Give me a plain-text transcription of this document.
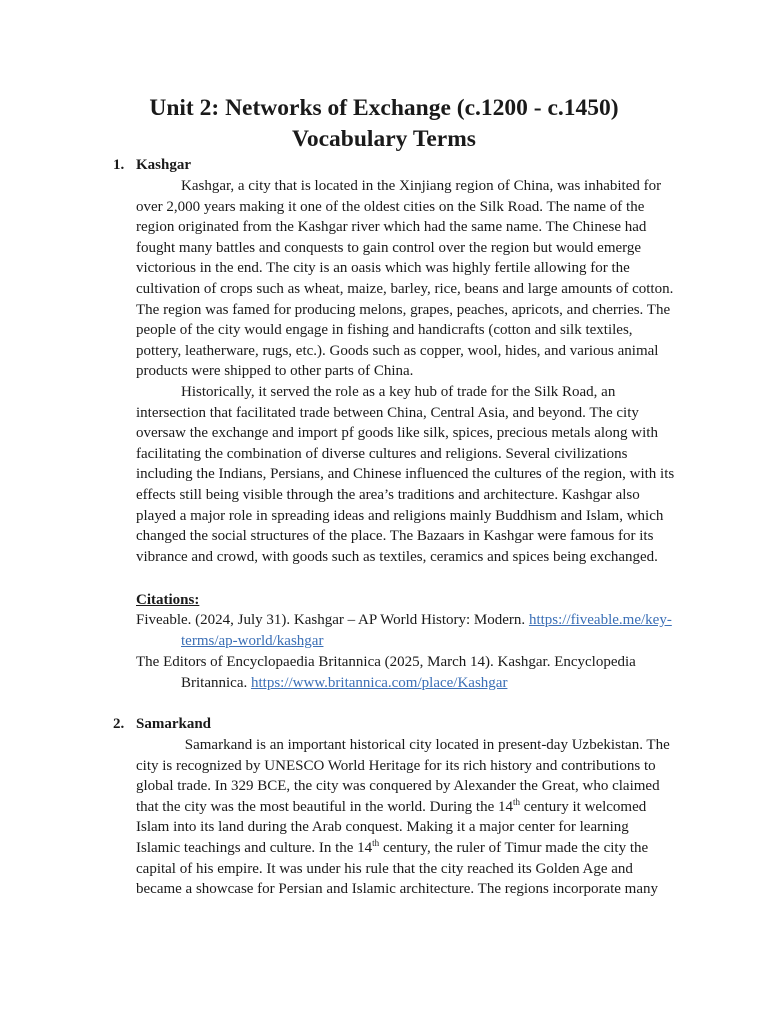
Unit 2: Networks of Exchange (c.1200 - c.1450)
Vocabulary Terms
1. Kashgar
Kashgar, a city that is located in the Xinjiang region of China, was inhabited for
over 2,000 years making it one of the oldest cities on the Silk Road. The name of the
region originated from the Kashgar river which had the same name. The Chinese had
fought many battles and conquests to gain control over the region but would emerge
victorious in the end. The city is an oasis which was highly fertile allowing for the
cultivation of crops such as wheat, maize, barley, rice, beans and large amounts of cotton.
The region was famed for producing melons, grapes, peaches, apricots, and cherries. The
people of the city would engage in fishing and handicrafts (cotton and silk textiles,
pottery, leatherware, rugs, etc.). Goods such as copper, wool, hides, and various animal
products were shipped to other parts of China.
Historically, it served the role as a key hub of trade for the Silk Road, an
intersection that facilitated trade between China, Central Asia, and beyond. The city
oversaw the exchange and import pf goods like silk, spices, precious metals along with
facilitating the combination of diverse cultures and religions. Several civilizations
including the Indians, Persians, and Chinese influenced the cultures of the region, with its
effects still being visible through the area’s traditions and architecture. Kashgar also
played a major role in spreading ideas and religions mainly Buddhism and Islam, which
changed the social structures of the place. The Bazaars in Kashgar were famous for its
vibrance and crowd, with goods such as textiles, ceramics and spices being exchanged.
Citations:
Fiveable. (2024, July 31). Kashgar – AP World History: Modern. https://fiveable.me/key-
terms/ap-world/kashgar
The Editors of Encyclopaedia Britannica (2025, March 14). Kashgar. Encyclopedia
Britannica. https://www.britannica.com/place/Kashgar
2. Samarkand
Samarkand is an important historical city located in present-day Uzbekistan. The
city is recognized by UNESCO World Heritage for its rich history and contributions to
global trade. In 329 BCE, the city was conquered by Alexander the Great, who claimed
that the city was the most beautiful in the world. During the 14th century it welcomed
Islam into its land during the Arab conquest. Making it a major center for learning
Islamic teachings and culture. In the 14th century, the ruler of Timur made the city the
capital of his empire. It was under his rule that the city reached its Golden Age and
became a showcase for Persian and Islamic architecture. The regions incorporate many
